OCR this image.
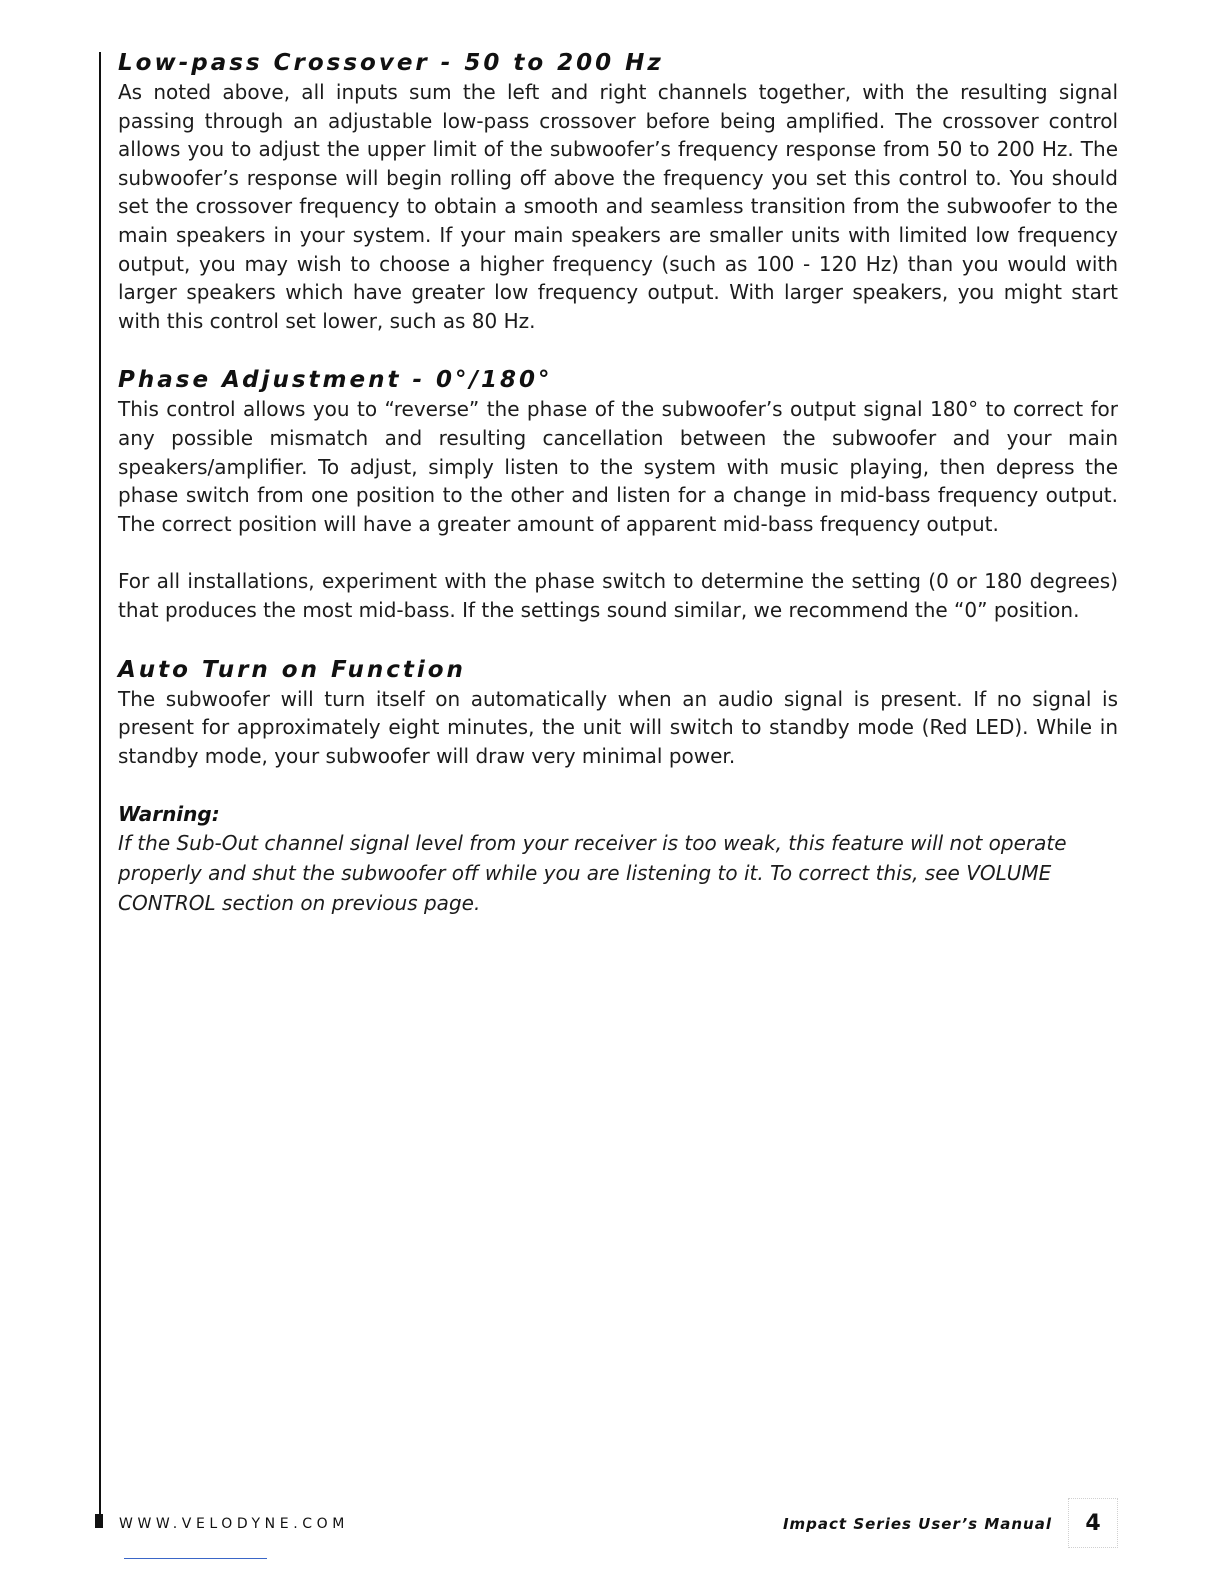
Low-pass Crossover - 50 to 200 Hz

As noted above, all inputs sum the left and right channels together, with the resulting signal passing through an adjustable low-pass crossover before being amplified. The crossover control allows you to adjust the upper limit of the subwoofer’s frequency response from 50 to 200 Hz. The subwoofer’s response will begin rolling off above the frequency you set this control to. You should set the crossover frequency to obtain a smooth and seamless transition from the subwoofer to the main speakers in your system. If your main speakers are smaller units with limited low frequency output, you may wish to choose a higher frequency (such as 100 - 120 Hz) than you would with larger speakers which have greater low frequency output. With larger speakers, you might start with this control set lower, such as 80 Hz.

Phase Adjustment - 0°/180°

This control allows you to “reverse” the phase of the subwoofer’s output signal 180° to correct for any possible mismatch and resulting cancellation between the subwoofer and your main speakers/amplifier. To adjust, simply listen to the system with music playing, then depress the phase switch from one position to the other and listen for a change in mid-bass frequency output. The correct position will have a greater amount of apparent mid-bass frequency output.

For all installations, experiment with the phase switch to determine the setting (0 or 180 degrees) that produces the most mid-bass. If the settings sound similar, we recommend the “0” position.

Auto Turn on Function

The subwoofer will turn itself on automatically when an audio signal is present. If no signal is present for approximately eight minutes, the unit will switch to standby mode (Red LED). While in standby mode, your subwoofer will draw very minimal power.

Warning:

If the Sub-Out channel signal level from your receiver is too weak, this feature will not operate properly and shut the subwoofer off while you are listening to it. To correct this, see VOLUME CONTROL section on previous page.

WWW.VELODYNE.COM	Impact Series User’s Manual	4
